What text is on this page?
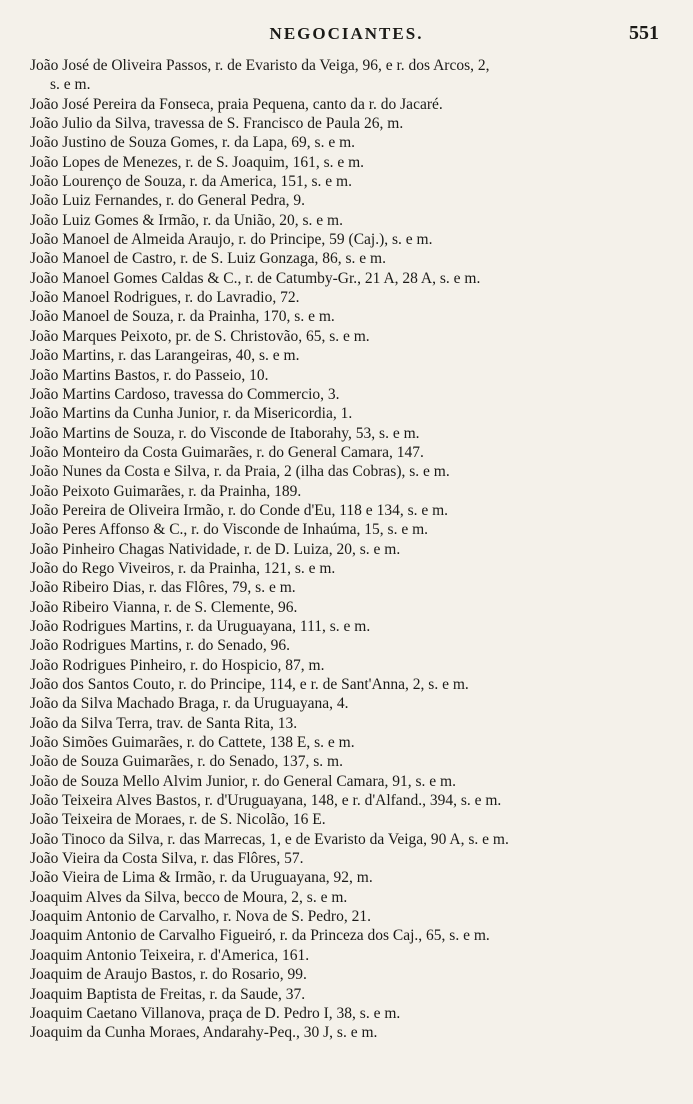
NEGOCIANTES.	551
João José de Oliveira Passos, r. de Evaristo da Veiga, 96, e r. dos Arcos, 2,
s. e m.
João José Pereira da Fonseca, praia Pequena, canto da r. do Jacaré.
João Julio da Silva, travessa de S. Francisco de Paula 26, m.
João Justino de Souza Gomes, r. da Lapa, 69, s. e m.
João Lopes de Menezes, r. de S. Joaquim, 161, s. e m.
João Lourenço de Souza, r. da America, 151, s. e m.
João Luiz Fernandes, r. do General Pedra, 9.
João Luiz Gomes & Irmão, r. da União, 20, s. e m.
João Manoel de Almeida Araujo, r. do Principe, 59 (Caj.), s. e m.
João Manoel de Castro, r. de S. Luiz Gonzaga, 86, s. e m.
João Manoel Gomes Caldas & C., r. de Catumby-Gr., 21 A, 28 A, s. e m.
João Manoel Rodrigues, r. do Lavradio, 72.
João Manoel de Souza, r. da Prainha, 170, s. e m.
João Marques Peixoto, pr. de S. Christovão, 65, s. e m.
João Martins, r. das Larangeiras, 40, s. e m.
João Martins Bastos, r. do Passeio, 10.
João Martins Cardoso, travessa do Commercio, 3.
João Martins da Cunha Junior, r. da Misericordia, 1.
João Martins de Souza, r. do Visconde de Itaborahy, 53, s. e m.
João Monteiro da Costa Guimarães, r. do General Camara, 147.
João Nunes da Costa e Silva, r. da Praia, 2 (ilha das Cobras), s. e m.
João Peixoto Guimarães, r. da Prainha, 189.
João Pereira de Oliveira Irmão, r. do Conde d'Eu, 118 e 134, s. e m.
João Peres Affonso & C., r. do Visconde de Inhaúma, 15, s. e m.
João Pinheiro Chagas Natividade, r. de D. Luiza, 20, s. e m.
João do Rego Viveiros, r. da Prainha, 121, s. e m.
João Ribeiro Dias, r. das Flôres, 79, s. e m.
João Ribeiro Vianna, r. de S. Clemente, 96.
João Rodrigues Martins, r. da Uruguayana, 111, s. e m.
João Rodrigues Martins, r. do Senado, 96.
João Rodrigues Pinheiro, r. do Hospicio, 87, m.
João dos Santos Couto, r. do Principe, 114, e r. de Sant'Anna, 2, s. e m.
João da Silva Machado Braga, r. da Uruguayana, 4.
João da Silva Terra, trav. de Santa Rita, 13.
João Simões Guimarães, r. do Cattete, 138 E, s. e m.
João de Souza Guimarães, r. do Senado, 137, s. m.
João de Souza Mello Alvim Junior, r. do General Camara, 91, s. e m.
João Teixeira Alves Bastos, r. d'Uruguayana, 148, e r. d'Alfand., 394, s. e m.
João Teixeira de Moraes, r. de S. Nicolão, 16 E.
João Tinoco da Silva, r. das Marrecas, 1, e de Evaristo da Veiga, 90 A, s. e m.
João Vieira da Costa Silva, r. das Flôres, 57.
João Vieira de Lima & Irmão, r. da Uruguayana, 92, m.
Joaquim Alves da Silva, becco de Moura, 2, s. e m.
Joaquim Antonio de Carvalho, r. Nova de S. Pedro, 21.
Joaquim Antonio de Carvalho Figueiró, r. da Princeza dos Caj., 65, s. e m.
Joaquim Antonio Teixeira, r. d'America, 161.
Joaquim de Araujo Bastos, r. do Rosario, 99.
Joaquim Baptista de Freitas, r. da Saude, 37.
Joaquim Caetano Villanova, praça de D. Pedro I, 38, s. e m.
Joaquim da Cunha Moraes, Andarahy-Peq., 30 J, s. e m.
